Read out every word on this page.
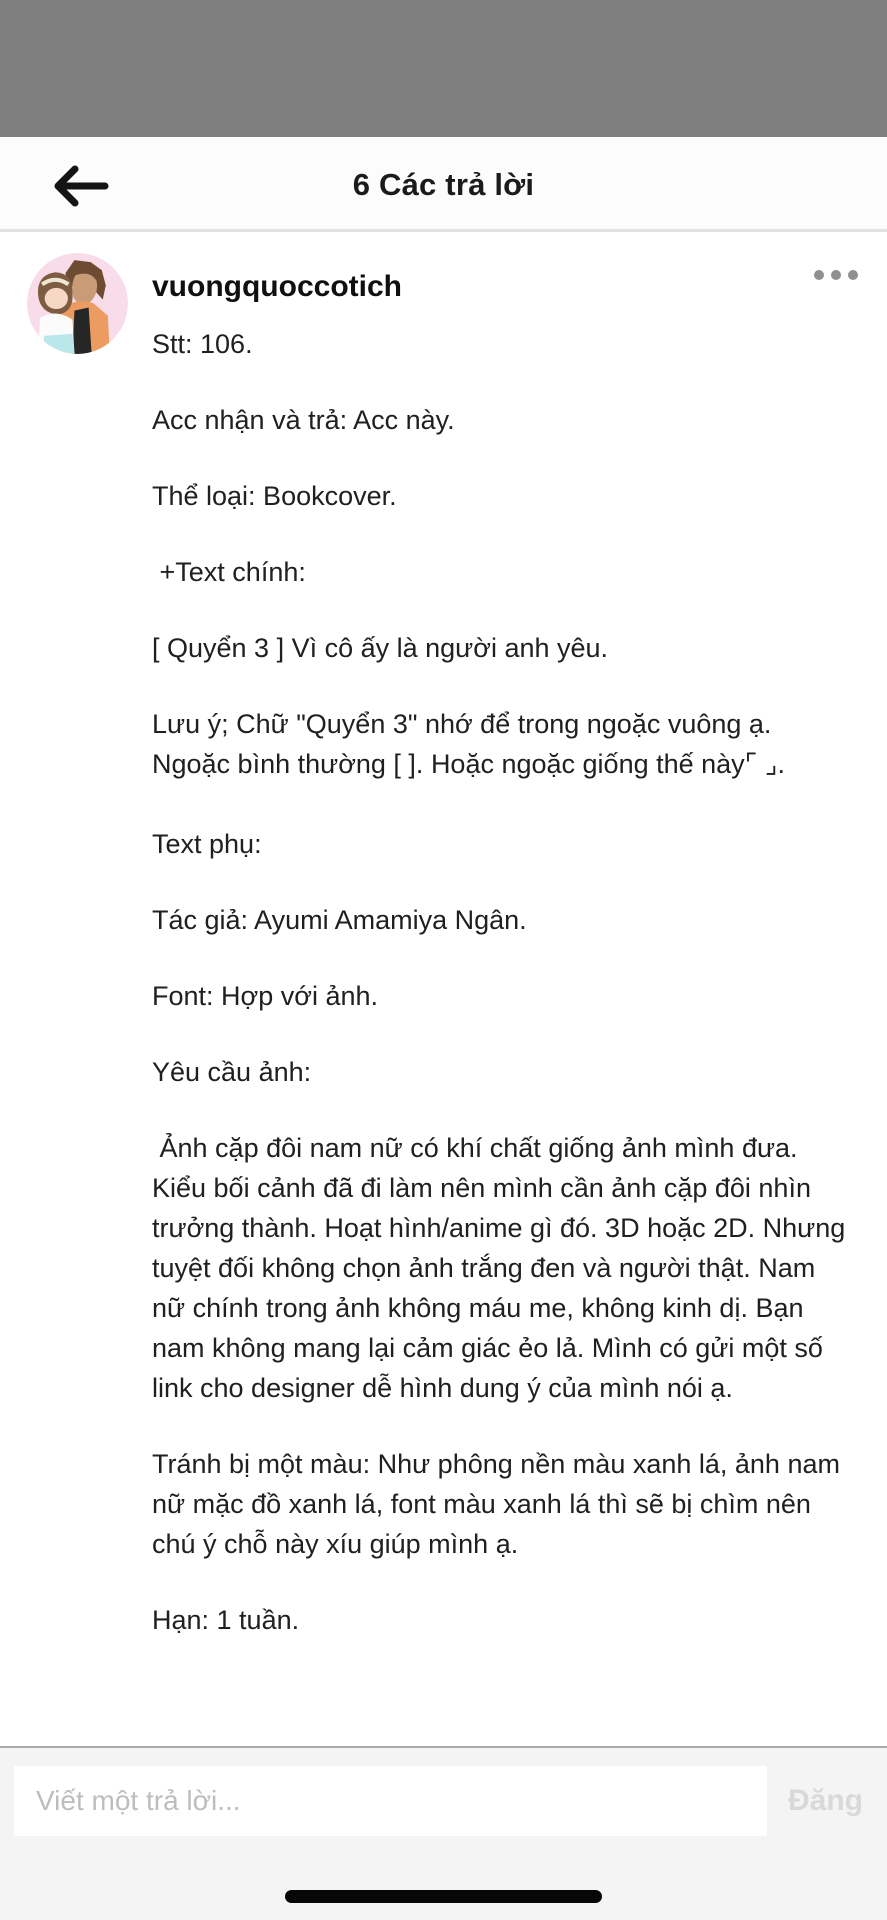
6 Các trả lời
vuongquoccotich

Stt: 106.

Acc nhận và trả: Acc này.

Thể loại: Bookcover.

+Text chính:

[ Quyển 3 ] Vì cô ấy là người anh yêu.

Lưu ý; Chữ "Quyển 3" nhớ để trong ngoặc vuông ạ. Ngoặc bình thường [ ]. Hoặc ngoặc giống thế này⌜ ⌟.

Text phụ:

Tác giả: Ayumi Amamiya Ngân.

Font: Hợp với ảnh.

Yêu cầu ảnh:

Ảnh cặp đôi nam nữ có khí chất giống ảnh mình đưa. Kiểu bối cảnh đã đi làm nên mình cần ảnh cặp đôi nhìn trưởng thành. Hoạt hình/anime gì đó. 3D hoặc 2D. Nhưng tuyệt đối không chọn ảnh trắng đen và người thật. Nam nữ chính trong ảnh không máu me, không kinh dị. Bạn nam không mang lại cảm giác ẻo lả. Mình có gửi một số link cho designer dễ hình dung ý của mình nói ạ.

Tránh bị một màu: Như phông nền màu xanh lá, ảnh nam nữ mặc đồ xanh lá, font màu xanh lá thì sẽ bị chìm nên chú ý chỗ này xíu giúp mình ạ.

Hạn: 1 tuần.

Viết một trả lời...
Đăng
